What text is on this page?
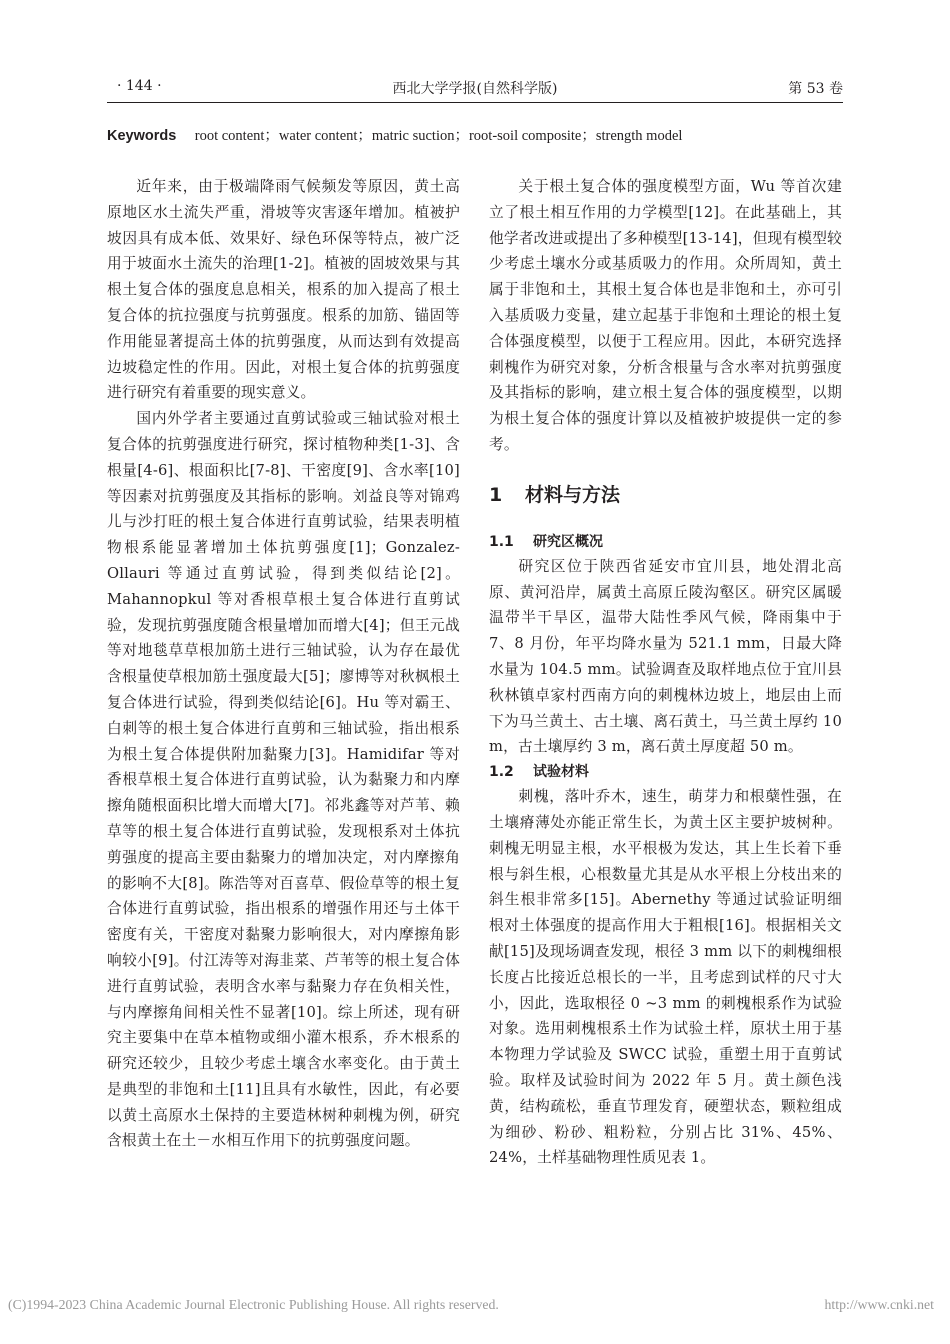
· 144 ·	西北大学学报(自然科学版)	第 53 卷
Keywords root content；water content；matric suction；root-soil composite；strength model

近年来，由于极端降雨气候频发等原因，黄土高原地区水土流失严重，滑坡等灾害逐年增加。植被护坡因具有成本低、效果好、绿色环保等特点，被广泛用于坡面水土流失的治理[1-2]。植被的固坡效果与其根土复合体的强度息息相关，根系的加入提高了根土复合体的抗拉强度与抗剪强度。根系的加筋、锚固等作用能显著提高土体的抗剪强度，从而达到有效提高边坡稳定性的作用。因此，对根土复合体的抗剪强度进行研究有着重要的现实意义。

国内外学者主要通过直剪试验或三轴试验对根土复合体的抗剪强度进行研究，探讨植物种类[1-3]、含根量[4-6]、根面积比[7-8]、干密度[9]、含水率[10]等因素对抗剪强度及其指标的影响。刘益良等对锦鸡儿与沙打旺的根土复合体进行直剪试验，结果表明植物根系能显著增加土体抗剪强度[1]；Gonzalez-Ollauri 等通过直剪试验，得到类似结论[2]。Mahannopkul 等对香根草根土复合体进行直剪试验，发现抗剪强度随含根量增加而增大[4]；但王元战等对地毯草草根加筋土进行三轴试验，认为存在最优含根量使草根加筋土强度最大[5]；廖博等对秋枫根土复合体进行试验，得到类似结论[6]。Hu 等对霸王、白刺等的根土复合体进行直剪和三轴试验，指出根系为根土复合体提供附加黏聚力[3]。Hamidifar 等对香根草根土复合体进行直剪试验，认为黏聚力和内摩擦角随根面积比增大而增大[7]。祁兆鑫等对芦苇、赖草等的根土复合体进行直剪试验，发现根系对土体抗剪强度的提高主要由黏聚力的增加决定，对内摩擦角的影响不大[8]。陈浩等对百喜草、假俭草等的根土复合体进行直剪试验，指出根系的增强作用还与土体干密度有关，干密度对黏聚力影响很大，对内摩擦角影响较小[9]。付江涛等对海韭菜、芦苇等的根土复合体进行直剪试验，表明含水率与黏聚力存在负相关性，与内摩擦角间相关性不显著[10]。综上所述，现有研究主要集中在草本植物或细小灌木根系，乔木根系的研究还较少，且较少考虑土壤含水率变化。由于黄土是典型的非饱和土[11]且具有水敏性，因此，有必要以黄土高原水土保持的主要造林树种刺槐为例，研究含根黄土在土－水相互作用下的抗剪强度问题。

关于根土复合体的强度模型方面，Wu 等首次建立了根土相互作用的力学模型[12]。在此基础上，其他学者改进或提出了多种模型[13-14]，但现有模型较少考虑土壤水分或基质吸力的作用。众所周知，黄土属于非饱和土，其根土复合体也是非饱和土，亦可引入基质吸力变量，建立起基于非饱和土理论的根土复合体强度模型，以便于工程应用。因此，本研究选择刺槐作为研究对象，分析含根量与含水率对抗剪强度及其指标的影响，建立根土复合体的强度模型，以期为根土复合体的强度计算以及植被护坡提供一定的参考。

1 材料与方法
1.1 研究区概况

研究区位于陕西省延安市宜川县，地处渭北高原、黄河沿岸，属黄土高原丘陵沟壑区。研究区属暖温带半干旱区，温带大陆性季风气候，降雨集中于 7、8 月份，年平均降水量为 521.1 mm，日最大降水量为 104.5 mm。试验调查及取样地点位于宜川县秋林镇卓家村西南方向的刺槐林边坡上，地层由上而下为马兰黄土、古土壤、离石黄土，马兰黄土厚约 10 m，古土壤厚约 3 m，离石黄土厚度超 50 m。

1.2 试验材料

刺槐，落叶乔木，速生，萌芽力和根蘖性强，在土壤瘠薄处亦能正常生长，为黄土区主要护坡树种。刺槐无明显主根，水平根极为发达，其上生长着下垂根与斜生根，心根数量尤其是从水平根上分枝出来的斜生根非常多[15]。Abernethy 等通过试验证明细根对土体强度的提高作用大于粗根[16]。根据相关文献[15]及现场调查发现，根径 3 mm 以下的刺槐细根长度占比接近总根长的一半，且考虑到试样的尺寸大小，因此，选取根径 0 ~3 mm 的刺槐根系作为试验对象。选用刺槐根系土作为试验土样，原状土用于基本物理力学试验及 SWCC 试验，重塑土用于直剪试验。取样及试验时间为 2022 年 5 月。黄土颜色浅黄，结构疏松，垂直节理发育，硬塑状态，颗粒组成为细砂、粉砂、粗粉粒，分别占比 31%、45%、24%，土样基础物理性质见表 1。

(C)1994-2023 China Academic Journal Electronic Publishing House. All rights reserved.	http://www.cnki.net
